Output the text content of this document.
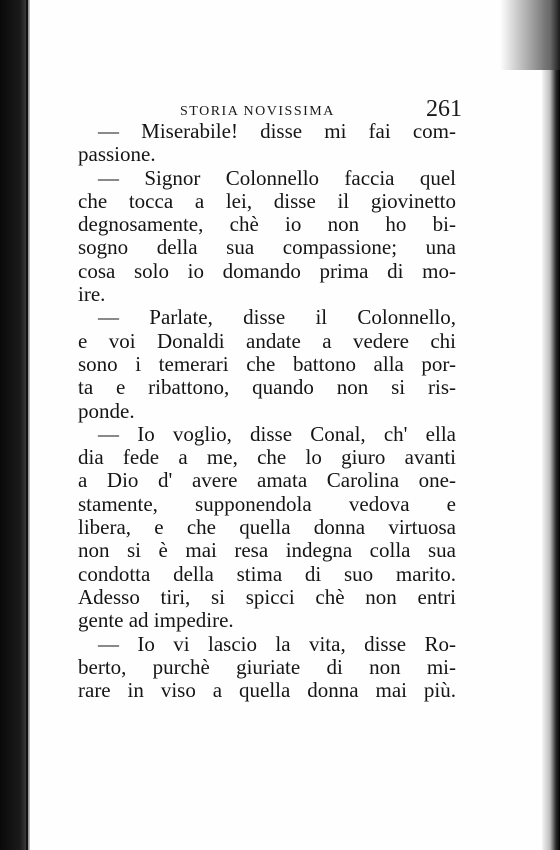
STORIA NOVISSIMA	261
— Miserabile! disse mi fai com-
passione.
— Signor Colonnello faccia quel
che tocca a lei, disse il giovinetto
degnosamente, chè io non ho bi-
sogno della sua compassione; una
cosa solo io domando prima di mo-
ire.
— Parlate, disse il Colonnello,
e voi Donaldi andate a vedere chi
sono i temerari che battono alla por-
ta e ribattono, quando non si ris-
ponde.
— Io voglio, disse Conal, ch' ella
dia fede a me, che lo giuro avanti
a Dio d' avere amata Carolina one-
stamente, supponendola vedova e
libera, e che quella donna virtuosa
non si è mai resa indegna colla sua
condotta della stima di suo marito.
Adesso tiri, si spicci chè non entri
gente ad impedire.
— Io vi lascio la vita, disse Ro-
berto, purchè giuriate di non mi-
rare in viso a quella donna mai più.
